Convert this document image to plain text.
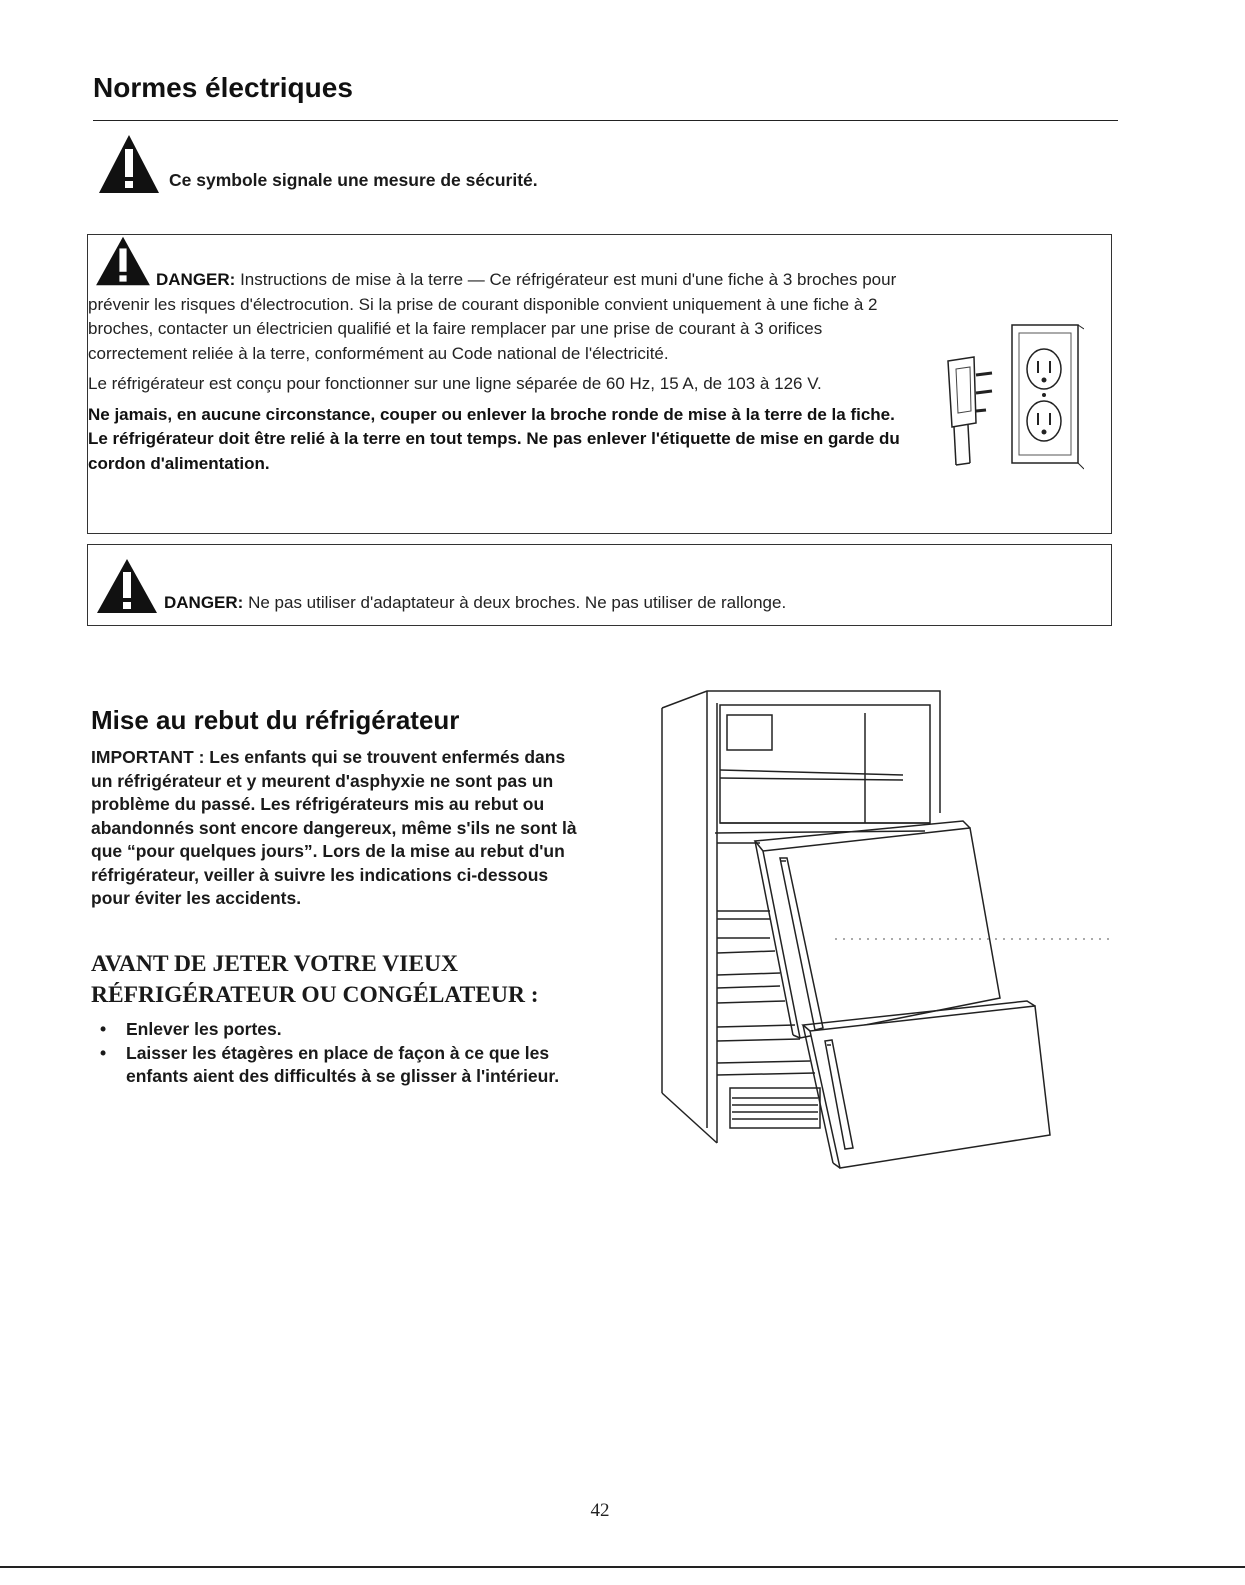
Normes électriques
Ce symbole signale une mesure de sécurité.

DANGER: Instructions de mise à la terre — Ce réfrigérateur est muni d'une fiche à 3 broches pour prévenir les risques d'électrocution. Si la prise de courant disponible convient uniquement à une fiche à 2 broches, contacter un électricien qualifié et la faire remplacer par une prise de courant à 3 orifices correctement reliée à la terre, conformément au Code national de l'électricité.

Le réfrigérateur est conçu pour fonctionner sur une ligne séparée de 60 Hz, 15 A, de 103 à 126 V.

Ne jamais, en aucune circonstance, couper ou enlever la broche ronde de mise à la terre de la fiche. Le réfrigérateur doit être relié à la terre en tout temps. Ne pas enlever l'étiquette de mise en garde du cordon d'alimentation.

DANGER: Ne pas utiliser d'adaptateur à deux broches. Ne pas utiliser de rallonge.
Mise au rebut du réfrigérateur

IMPORTANT : Les enfants qui se trouvent enfermés dans un réfrigérateur et y meurent d'asphyxie ne sont pas un problème du passé. Les réfrigérateurs mis au rebut ou abandonnés sont encore dangereux, même s'ils ne sont là que “pour quelques jours”. Lors de la mise au rebut d'un réfrigérateur, veiller à suivre les indications ci-dessous pour éviter les accidents.

AVANT DE JETER VOTRE VIEUX RÉFRIGÉRATEUR OU CONGÉLATEUR :

• Enlever les portes.
• Laisser les étagères en place de façon à ce que les enfants aient des difficultés à se glisser à l'intérieur.
42
